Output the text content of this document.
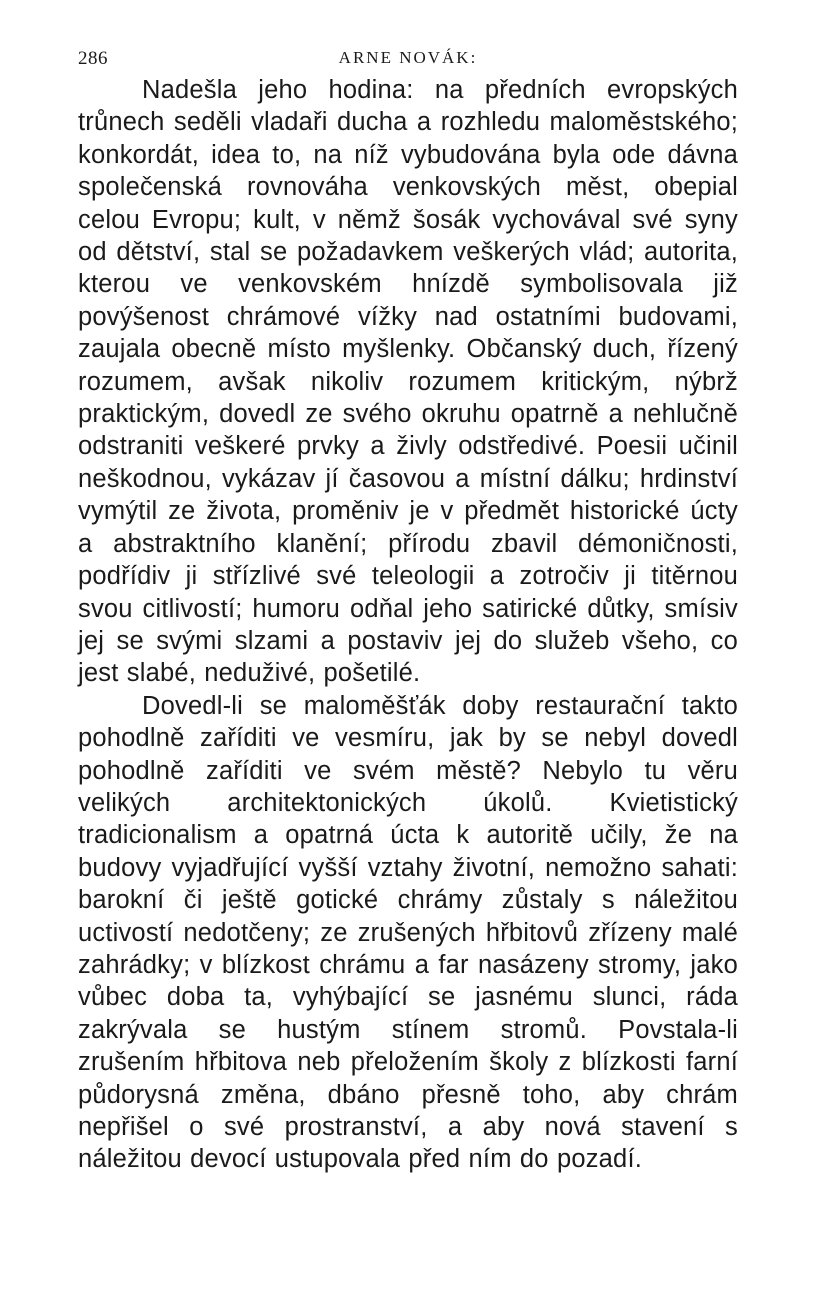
286	ARNE NOVÁK:

Nadešla jeho hodina: na předních evropských trůnech seděli vladaři ducha a rozhledu maloměstského; konkordát, idea to, na níž vybudována byla ode dávna společenská rovnováha venkovských měst, obepial celou Evropu; kult, v němž šosák vychovával své syny od dětství, stal se požadavkem veškerých vlád; autorita, kterou ve venkovském hnízdě symbolisovala již povýšenost chrámové vížky nad ostatními budovami, zaujala obecně místo myšlenky. Občanský duch, řízený rozumem, avšak nikoliv rozumem kritickým, nýbrž praktickým, dovedl ze svého okruhu opatrně a nehlučně odstraniti veškeré prvky a živly odstředivé. Poesii učinil neškodnou, vykázav jí časovou a místní dálku; hrdinství vymýtil ze života, proměniv je v předmět historické úcty a abstraktního klanění; přírodu zbavil démoničnosti, podřídiv ji střízlivé své teleologii a zotročiv ji titěrnou svou citlivostí; humoru odňal jeho satirické důtky, smísiv jej se svými slzami a postaviv jej do služeb všeho, co jest slabé, neduživé, pošetilé.

Dovedl-li se maloměšťák doby restaurační takto pohodlně zaříditi ve vesmíru, jak by se nebyl dovedl pohodlně zaříditi ve svém městě? Nebylo tu věru velikých architektonických úkolů. Kvietistický tradicionalism a opatrná úcta k autoritě učily, že na budovy vyjadřující vyšší vztahy životní, nemožno sahati: barokní či ještě gotické chrámy zůstaly s náležitou uctivostí nedotčeny; ze zrušených hřbitovů zřízeny malé zahrádky; v blízkost chrámu a far nasázeny stromy, jako vůbec doba ta, vyhýbající se jasnému slunci, ráda zakrývala se hustým stínem stromů. Povstala-li zrušením hřbitova neb přeložením školy z blízkosti farní půdorysná změna, dbáno přesně toho, aby chrám nepřišel o své prostranství, a aby nová stavení s náležitou devocí ustupovala před ním do pozadí.
